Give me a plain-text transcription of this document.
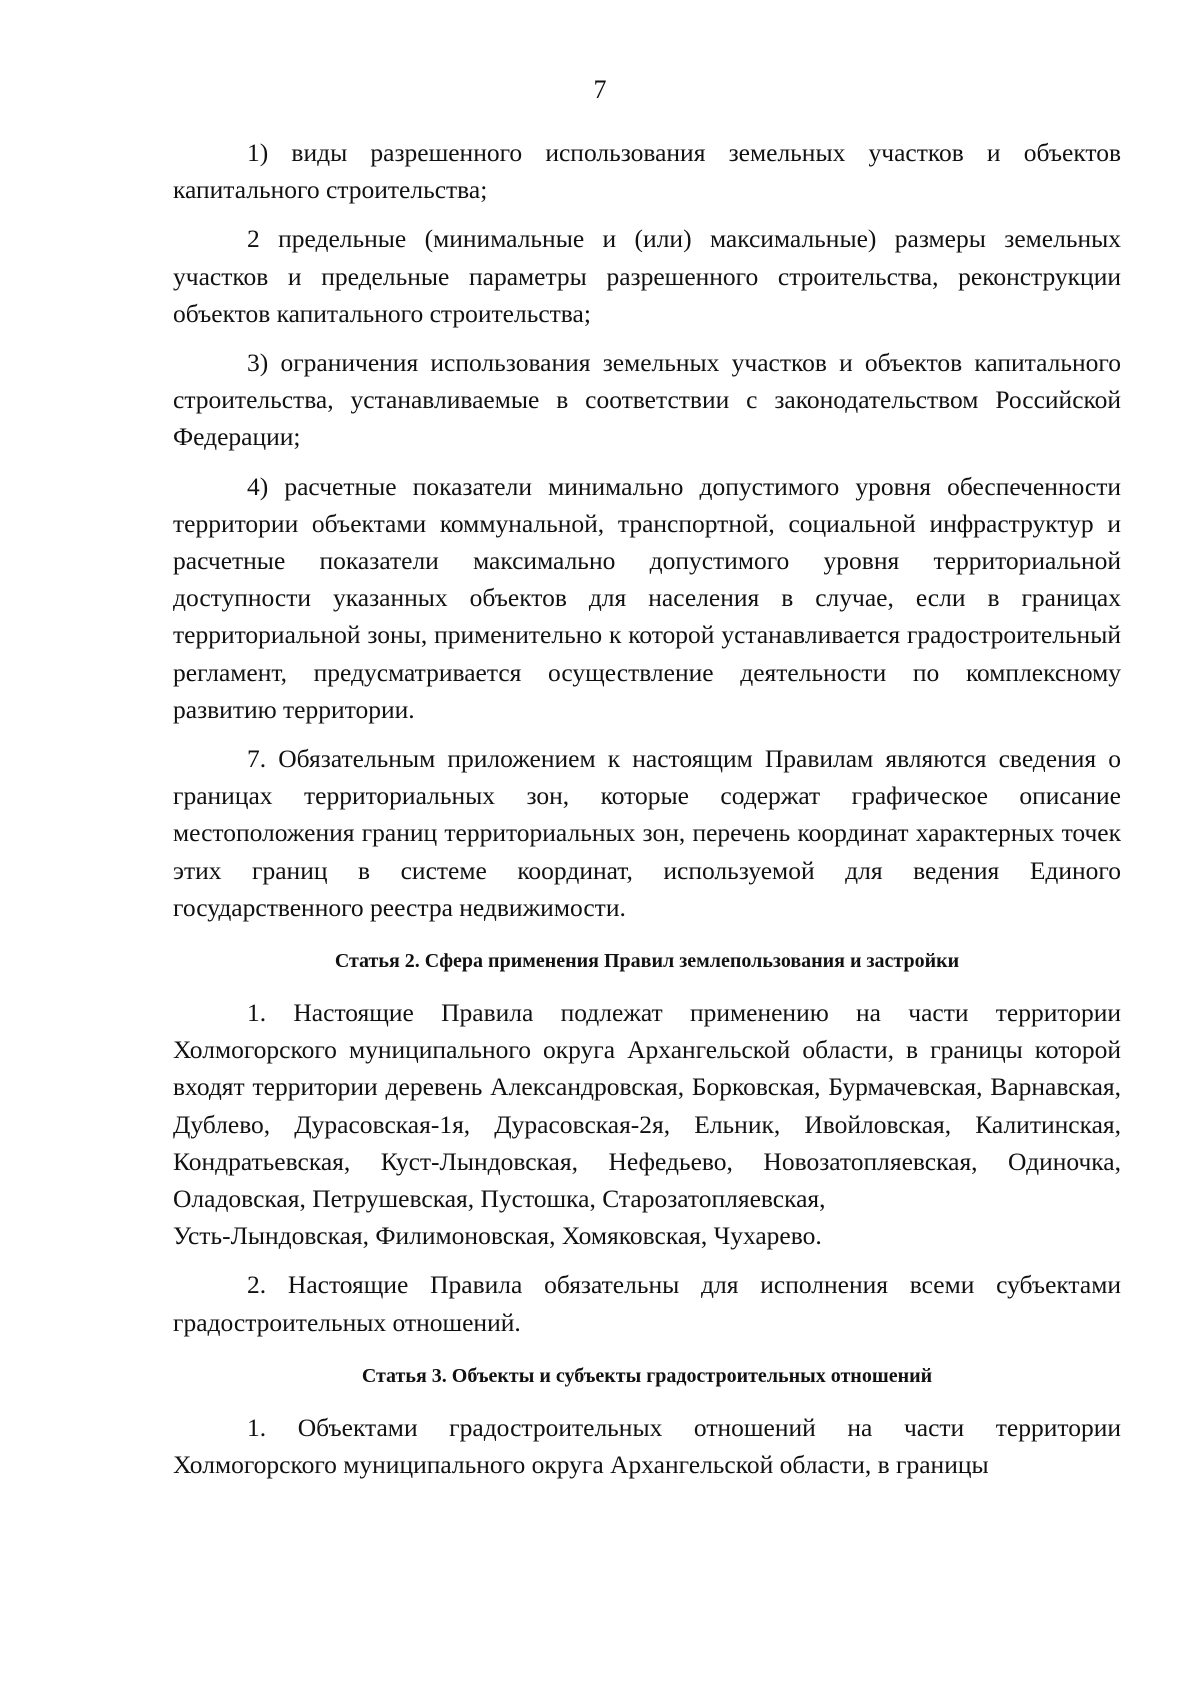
7

1) виды разрешенного использования земельных участков и объектов капитального строительства;

2 предельные (минимальные и (или) максимальные) размеры земельных участков и предельные параметры разрешенного строительства, реконструкции объектов капитального строительства;

3) ограничения использования земельных участков и объектов капитального строительства, устанавливаемые в соответствии с законодательством Российской Федерации;

4) расчетные показатели минимально допустимого уровня обеспеченности территории объектами коммунальной, транспортной, социальной инфраструктур и расчетные показатели максимально допустимого уровня территориальной доступности указанных объектов для населения в случае, если в границах территориальной зоны, применительно к которой устанавливается градостроительный регламент, предусматривается осуществление деятельности по комплексному развитию территории.

7. Обязательным приложением к настоящим Правилам являются сведения о границах территориальных зон, которые содержат графическое описание местоположения границ территориальных зон, перечень координат характерных точек этих границ в системе координат, используемой для ведения Единого государственного реестра недвижимости.

Статья 2. Сфера применения Правил землепользования и застройки

1. Настоящие Правила подлежат применению на части территории Холмогорского муниципального округа Архангельской области, в границы которой входят территории деревень Александровская, Борковская, Бурмачевская, Варнавская, Дублево, Дурасовская-1я, Дурасовская-2я, Ельник, Ивойловская, Калитинская, Кондратьевская, Куст-Лындовская, Нефедьево, Новозатопляевская, Одиночка, Оладовская, Петрушевская, Пустошка, Старозатопляевская,

Усть-Лындовская, Филимоновская, Хомяковская, Чухарево.

2. Настоящие Правила обязательны для исполнения всеми субъектами градостроительных отношений.

Статья 3. Объекты и субъекты градостроительных отношений

1. Объектами градостроительных отношений на части территории Холмогорского муниципального округа Архангельской области, в границы
